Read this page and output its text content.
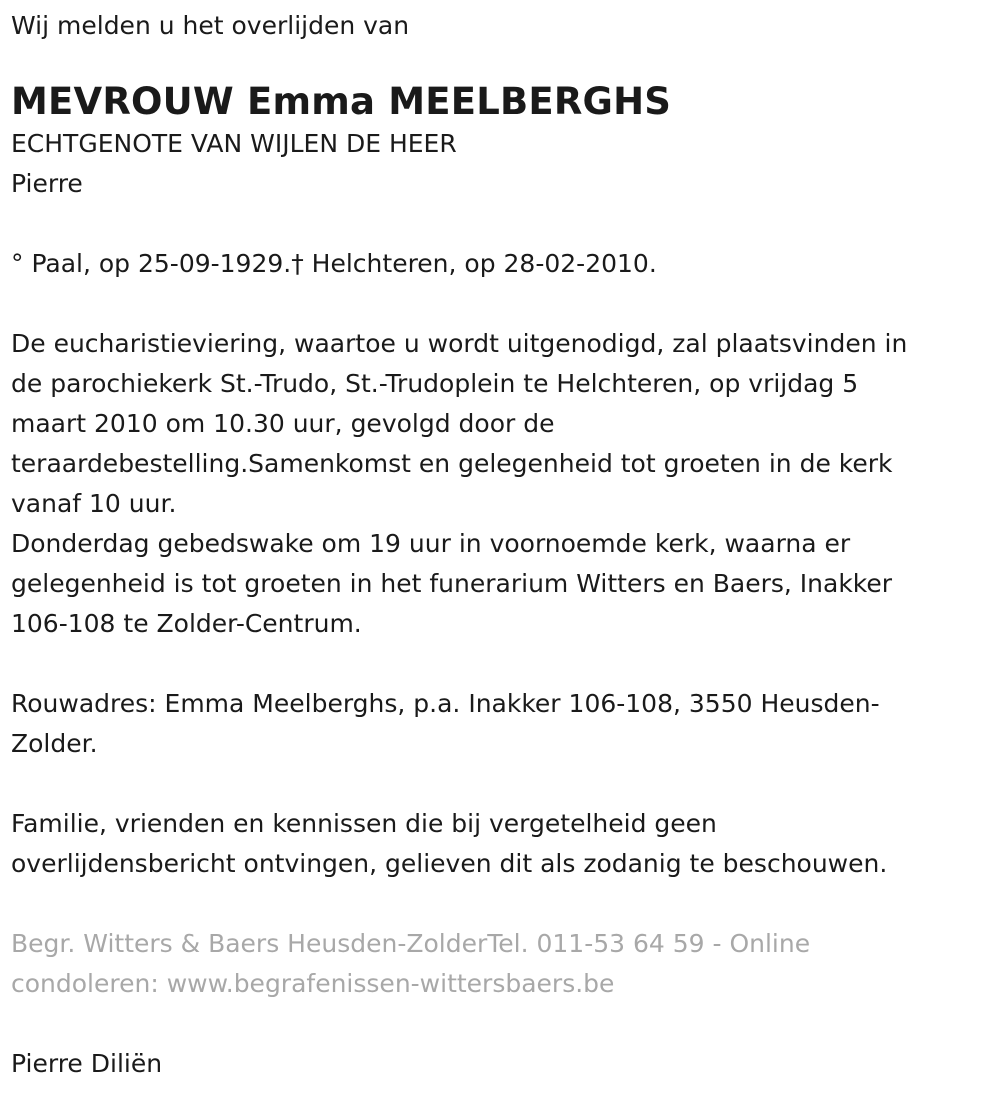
Wij melden u het overlijden van

MEVROUW Emma MEELBERGHS

ECHTGENOTE VAN WIJLEN DE HEER

Pierre

° Paal, op 25-09-1929.† Helchteren, op 28-02-2010.

De eucharistieviering, waartoe u wordt uitgenodigd, zal plaatsvinden in

de parochiekerk St.-Trudo, St.-Trudoplein te Helchteren, op vrijdag 5

maart 2010 om 10.30 uur, gevolgd door de

teraardebestelling.Samenkomst en gelegenheid tot groeten in de kerk

vanaf 10 uur.

Donderdag gebedswake om 19 uur in voornoemde kerk, waarna er

gelegenheid is tot groeten in het funerarium Witters en Baers, Inakker

106-108 te Zolder-Centrum.

Rouwadres: Emma Meelberghs, p.a. Inakker 106-108, 3550 Heusden-

Zolder.

Familie, vrienden en kennissen die bij vergetelheid geen

overlijdensbericht ontvingen, gelieven dit als zodanig te beschouwen.

Begr. Witters & Baers Heusden-ZolderTel. 011-53 64 59 - Online

condoleren: www.begrafenissen-wittersbaers.be

Pierre Diliën
